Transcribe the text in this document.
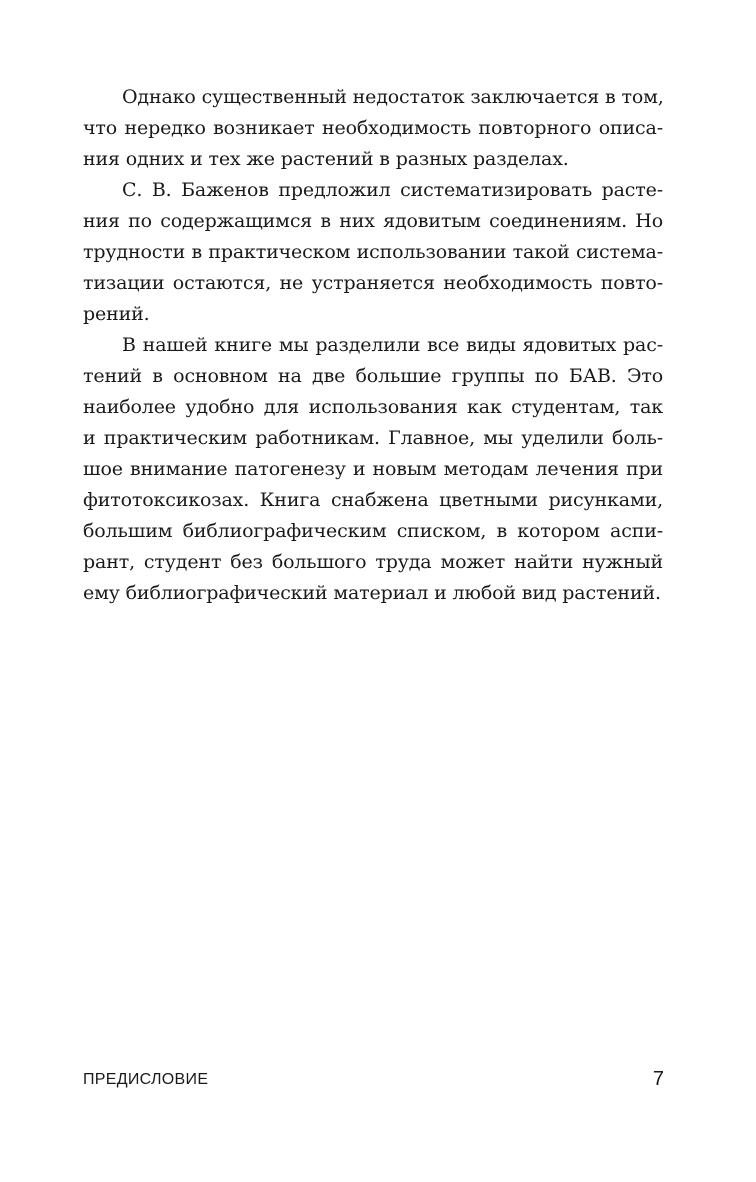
Однако существенный недостаток заключается в том,
что нередко возникает необходимость повторного описа-
ния одних и тех же растений в разных разделах.

С. В. Баженов предложил систематизировать расте-
ния по содержащимся в них ядовитым соединениям. Но
трудности в практическом использовании такой система-
тизации остаются, не устраняется необходимость повто-
рений.

В нашей книге мы разделили все виды ядовитых рас-
тений в основном на две большие группы по БАВ. Это
наиболее удобно для использования как студентам, так
и практическим работникам. Главное, мы уделили боль-
шое внимание патогенезу и новым методам лечения при
фитотоксикозах. Книга снабжена цветными рисунками,
большим библиографическим списком, в котором аспи-
рант, студент без большого труда может найти нужный
ему библиографический материал и любой вид растений.

ПРЕДИСЛОВИЕ	7
